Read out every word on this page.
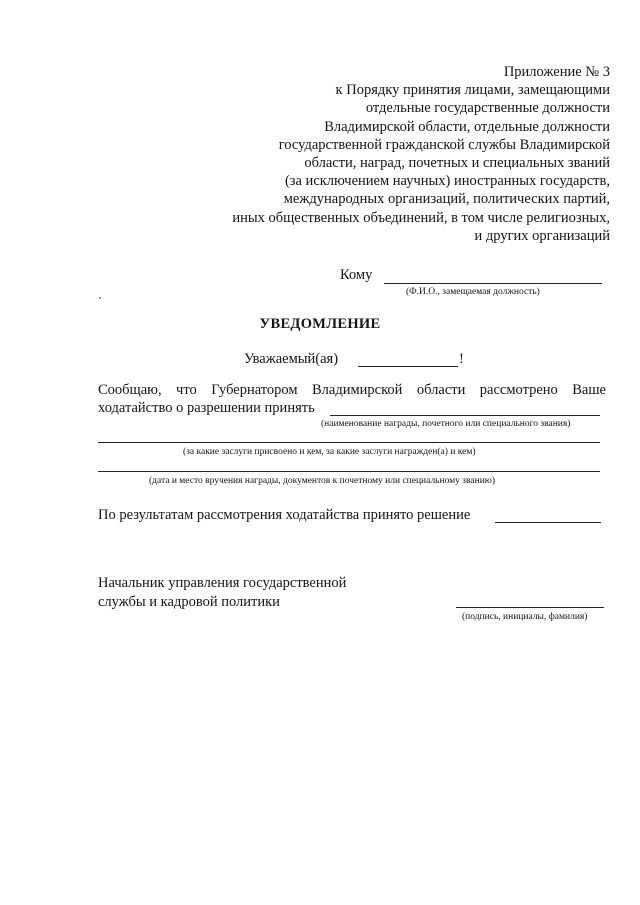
Приложение № 3
к Порядку принятия лицами, замещающими
отдельные государственные должности
Владимирской области, отдельные должности
государственной гражданской службы Владимирской
области, наград, почетных и специальных званий
(за исключением научных) иностранных государств,
международных организаций, политических партий,
иных общественных объединений, в том числе религиозных,
и других организаций
Кому
(Ф.И.О., замещаемая должность)
УВЕДОМЛЕНИЕ
Уважаемый(ая)	!
Сообщаю, что Губернатором Владимирской области рассмотрено Ваше
ходатайство о разрешении принять
(наименование награды, почетного или специального звания)
(за какие заслуги присвоено и кем, за какие заслуги награжден(а) и кем)
(дата и место вручения награды, документов к почетному или специальному званию)
По результатам рассмотрения ходатайства принято решение
Начальник управления государственной
службы и кадровой политики
(подпись, инициалы, фамилия)
